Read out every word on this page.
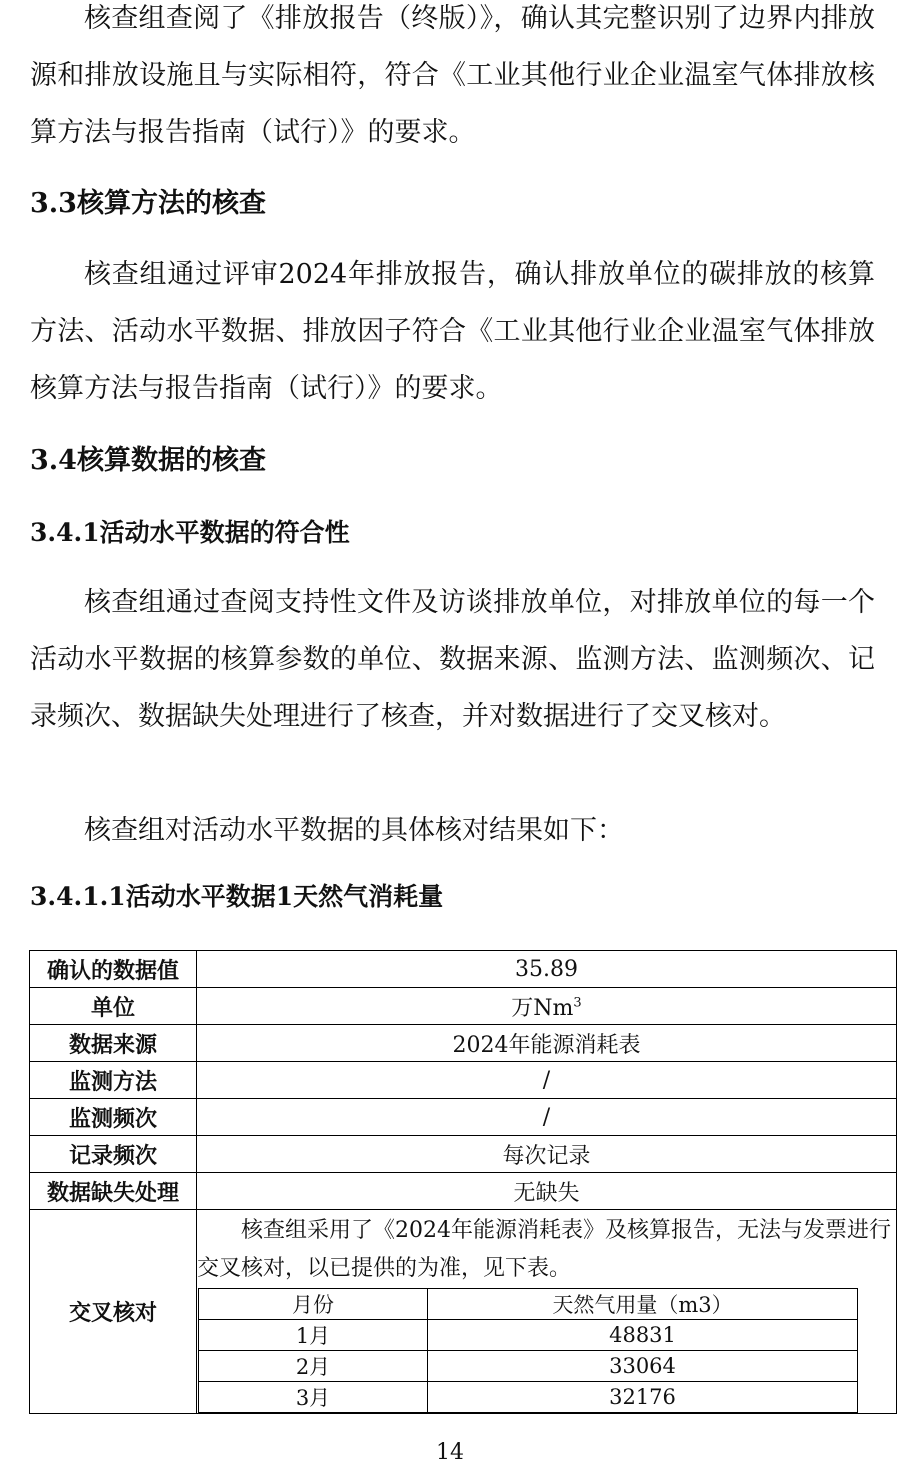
核查组查阅了《排放报告（终版）》，确认其完整识别了边界内排放源和排放设施且与实际相符，符合《工业其他行业企业温室气体排放核算方法与报告指南（试行）》的要求。

3.3核算方法的核查

核查组通过评审2024年排放报告，确认排放单位的碳排放的核算方法、活动水平数据、排放因子符合《工业其他行业企业温室气体排放核算方法与报告指南（试行）》的要求。

3.4核算数据的核查
3.4.1活动水平数据的符合性

核查组通过查阅支持性文件及访谈排放单位，对排放单位的每一个活动水平数据的核算参数的单位、数据来源、监测方法、监测频次、记录频次、数据缺失处理进行了核查，并对数据进行了交叉核对。

核查组对活动水平数据的具体核对结果如下：

3.4.1.1活动水平数据1天然气消耗量
确认的数据值	35.89
单位	万Nm$^3$
数据来源	2024年能源消耗表
监测方法	/
监测频次	/
记录频次	每次记录
数据缺失处理	无缺失
交叉核对	
核查组采用了《2024年能源消耗表》及核算报告，无法与发票进行交叉核对，以已提供的为准，见下表。
月份	天然气用量（m3）
1月	48831
2月	33064
3月	32176
14
